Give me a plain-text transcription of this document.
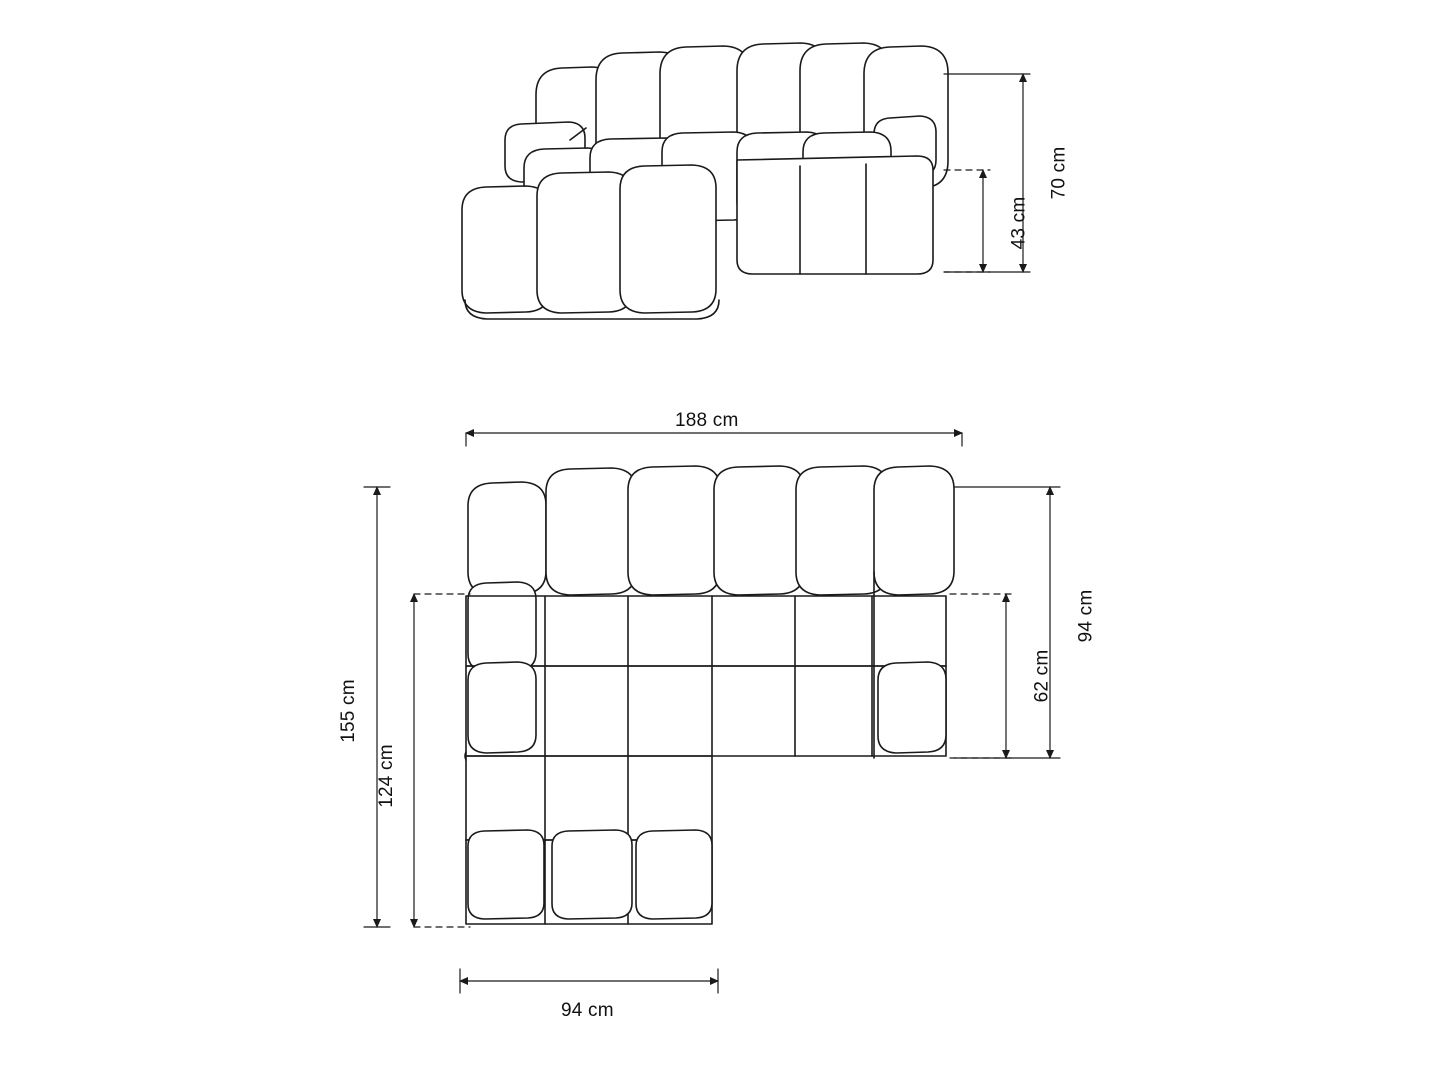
70 cm
43 cm
188 cm
155 cm
124 cm
94 cm
62 cm
94 cm
